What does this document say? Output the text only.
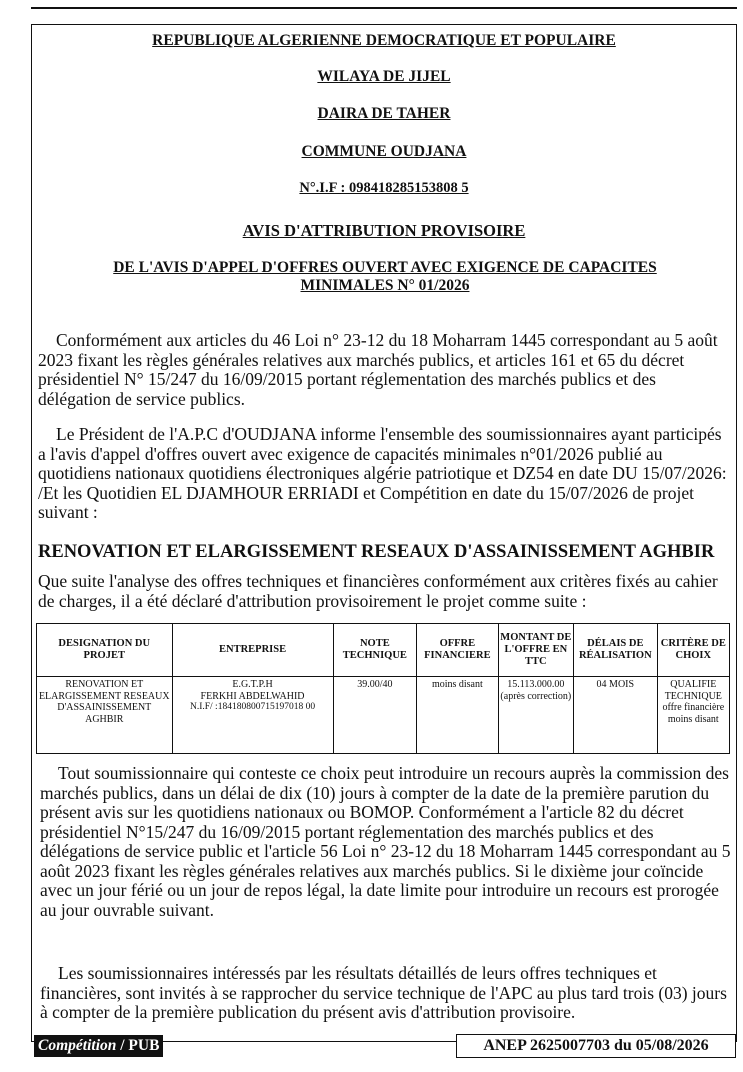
REPUBLIQUE ALGERIENNE DEMOCRATIQUE ET POPULAIRE
WILAYA DE JIJEL
DAIRA DE TAHER
COMMUNE OUDJANA
N°.I.F : 098418285153808 5
AVIS D'ATTRIBUTION PROVISOIRE
DE L'AVIS D'APPEL D'OFFRES OUVERT AVEC EXIGENCE DE CAPACITES MINIMALES N° 01/2026

Conformément aux articles du 46 Loi n° 23-12 du 18 Moharram 1445 correspondant au 5 août 2023 fixant les règles générales relatives aux marchés publics, et articles 161 et 65 du décret présidentiel N° 15/247 du 16/09/2015 portant réglementation des marchés publics et des délégation de service publics.

Le Président de l'A.P.C d'OUDJANA informe l'ensemble des soumissionnaires ayant participés a l'avis d'appel d'offres ouvert avec exigence de capacités minimales n°01/2026 publié au quotidiens nationaux quotidiens électroniques algérie patriotique et DZ54 en date DU 15/07/2026: /Et les Quotidien EL DJAMHOUR ERRIADI et Compétition en date du 15/07/2026 de projet suivant :

RENOVATION ET ELARGISSEMENT RESEAUX D'ASSAINISSEMENT AGHBIR

Que suite l'analyse des offres techniques et financières conformément aux critères fixés au cahier de charges, il a été déclaré d'attribution provisoirement le projet comme suite :

DESIGNATION DU PROJET	ENTREPRISE	NOTE TECHNIQUE	OFFRE FINANCIERE	MONTANT DE L'OFFRE EN TTC	DÉLAIS DE RÉALISATION	CRITÈRE DE CHOIX
RENOVATION ET ELARGISSEMENT RESEAUX D'ASSAINISSEMENT AGHBIR	E.G.T.P.H
FERKHI ABDELWAHID
N.I.F/ :184180800715197018 00	39.00/40	moins disant	15.113.000.00 (après correction)	04 MOIS	QUALIFIE TECHNIQUE offre financière moins disant

Tout soumissionnaire qui conteste ce choix peut introduire un recours auprès la commission des marchés publics, dans un délai de dix (10) jours à compter de la date de la première parution du présent avis sur les quotidiens nationaux ou BOMOP. Conformément a l'article 82 du décret présidentiel N°15/247 du 16/09/2015 portant réglementation des marchés publics et des délégations de service public et l'article 56 Loi n° 23-12 du 18 Moharram 1445 correspondant au 5 août 2023 fixant les règles générales relatives aux marchés publics. Si le dixième jour coïncide avec un jour férié ou un jour de repos légal, la date limite pour introduire un recours est prorogée au jour ouvrable suivant.

Les soumissionnaires intéressés par les résultats détaillés de leurs offres techniques et financières, sont invités à se rapprocher du service technique de l'APC au plus tard trois (03) jours à compter de la première publication du présent avis d'attribution provisoire.

Compétition / PUB	ANEP 2625007703 du 05/08/2026
